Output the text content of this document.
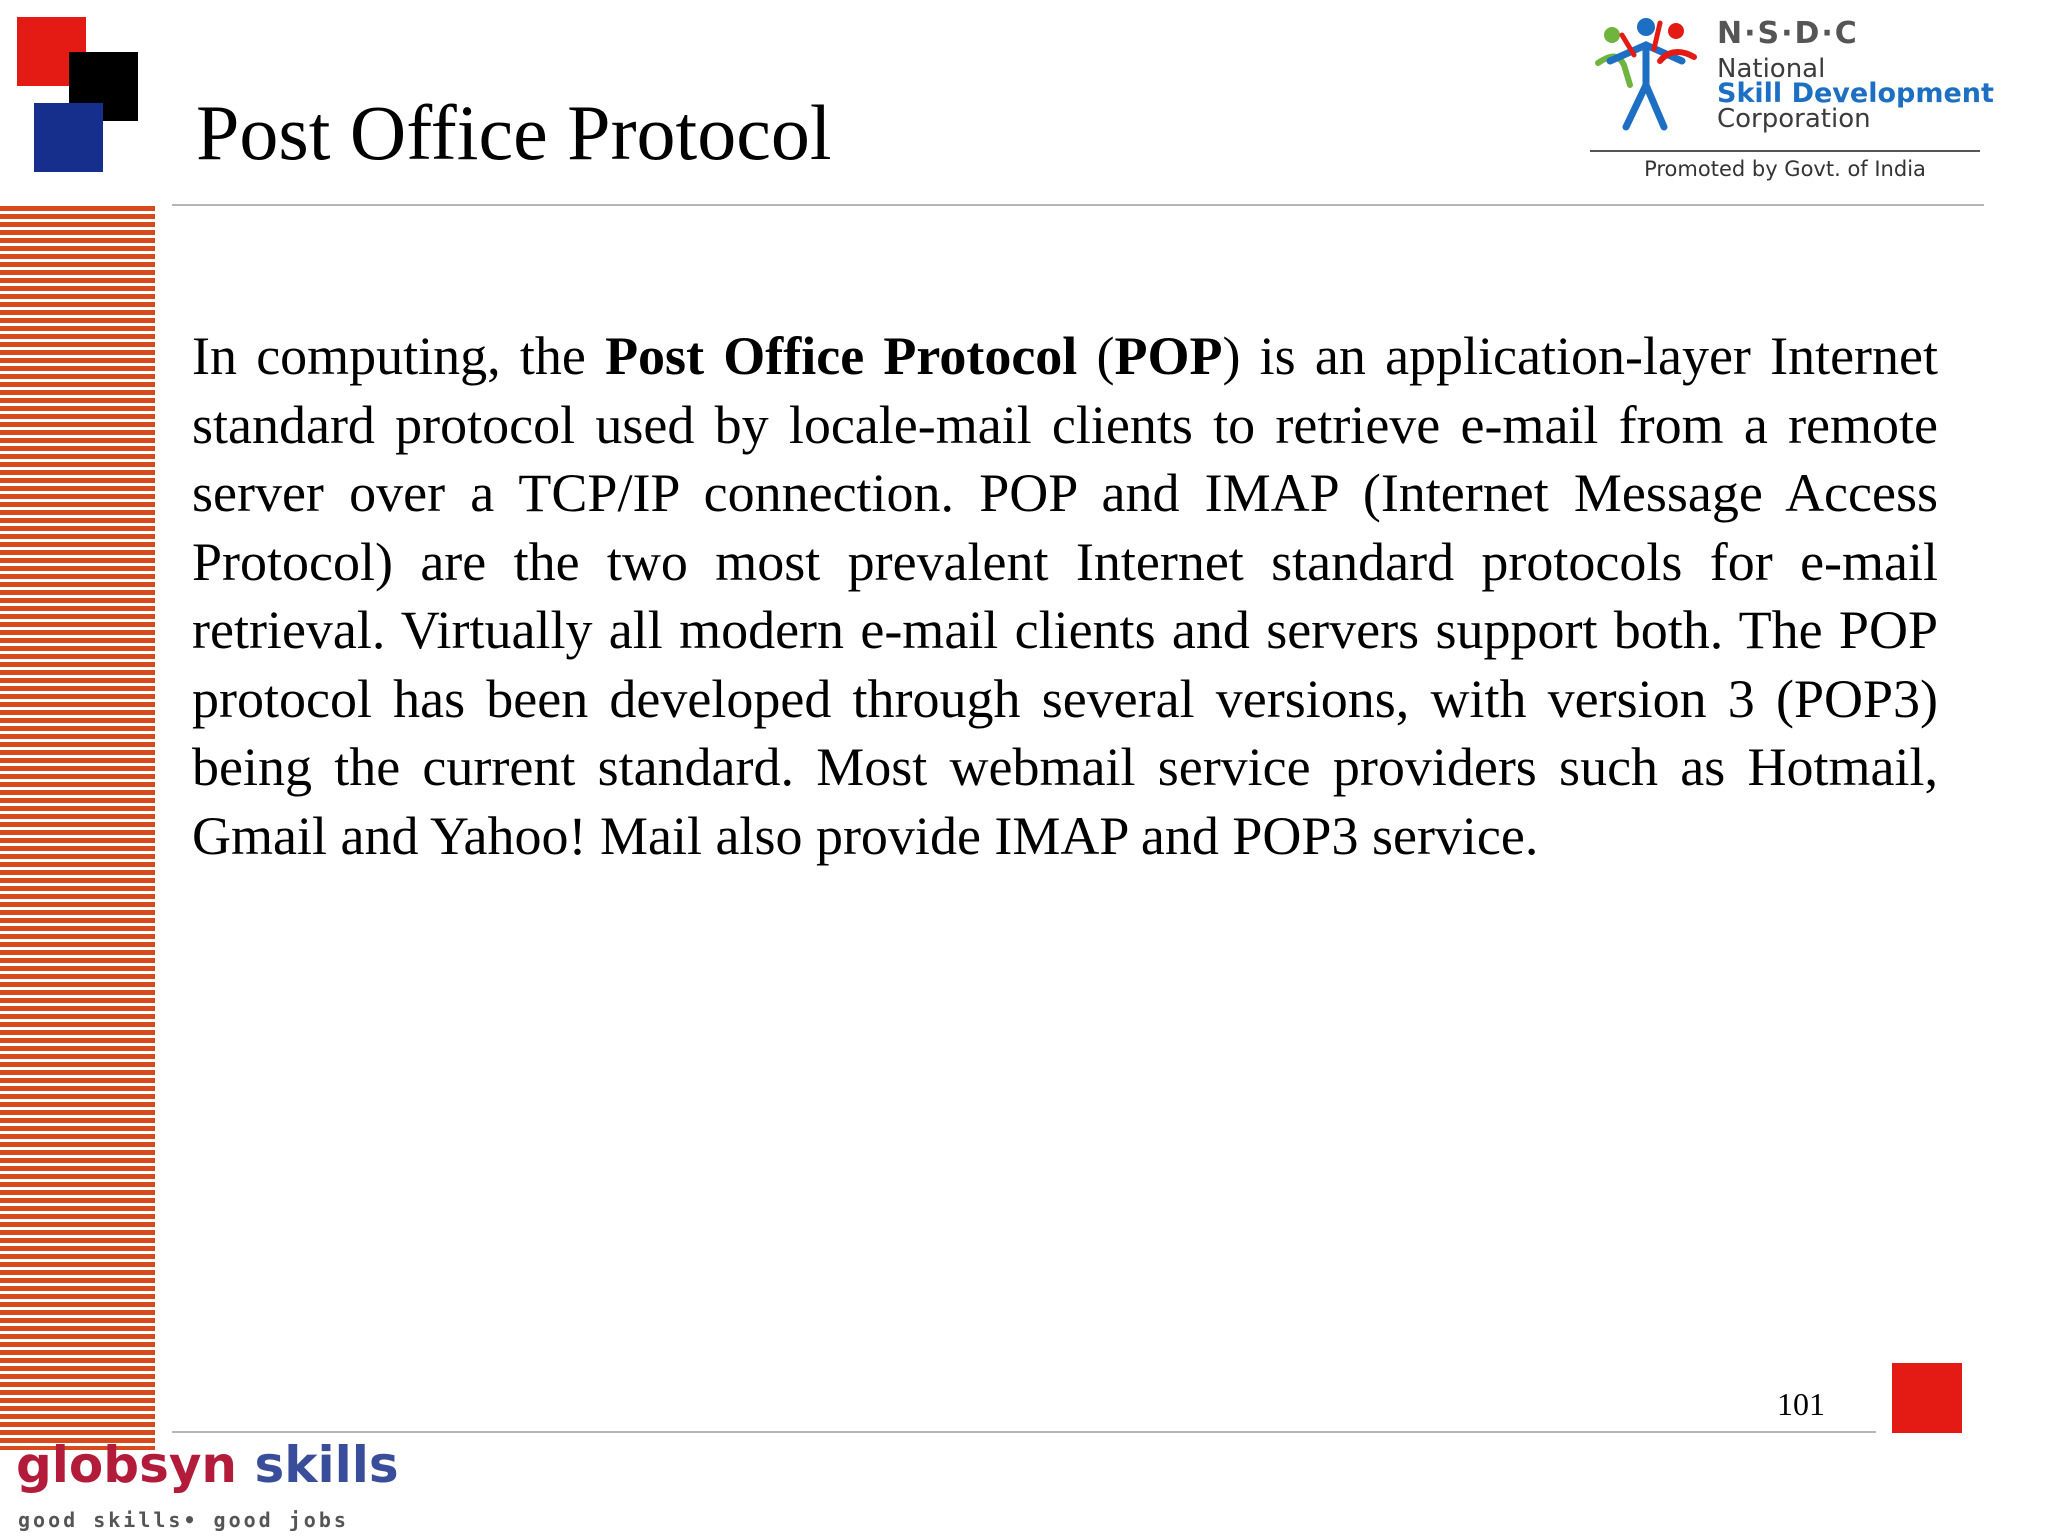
Post Office Protocol
N·S·D·C
National
Skill Development
Corporation
Promoted by Govt. of India
In computing, the Post Office Protocol (POP) is an application-layer Internet standard protocol used by locale-mail clients to retrieve e-mail from a remote server over a TCP/IP connection. POP and IMAP (Internet Message Access Protocol) are the two most prevalent Internet standard protocols for e-mail retrieval. Virtually all modern e-mail clients and servers support both. The POP protocol has been developed through several versions, with version 3 (POP3) being the current standard. Most webmail service providers such as Hotmail, Gmail and Yahoo! Mail also provide IMAP and POP3 service.
101
globsyn skills
good skills• good jobs
